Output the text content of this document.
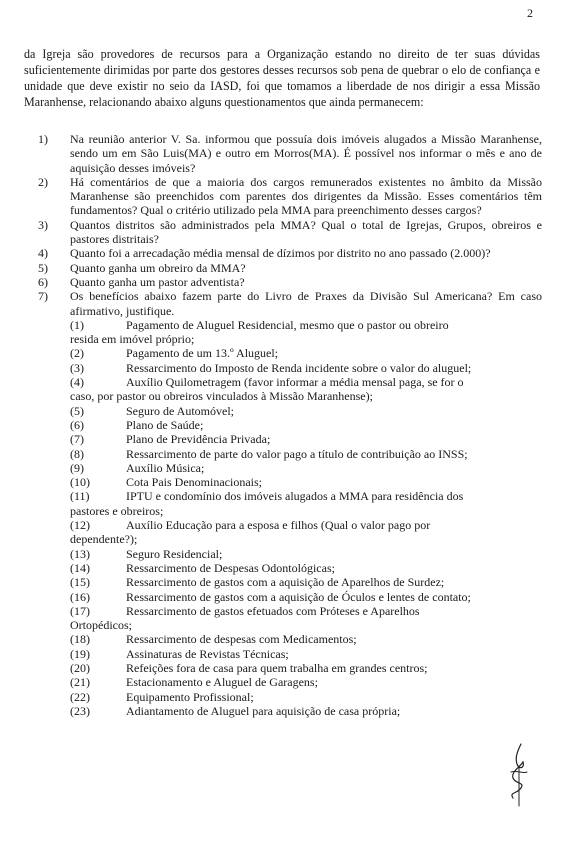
2
da Igreja são provedores de recursos para a Organização estando no direito de ter suas dúvidas suficientemente dirimidas por parte dos gestores desses recursos sob pena de quebrar o elo de confiança e unidade que deve existir no seio da IASD, foi que tomamos a liberdade de nos dirigir a essa Missão Maranhense, relacionando abaixo alguns questionamentos que ainda permanecem:
1) Na reunião anterior V. Sa. informou que possuía dois imóveis alugados a Missão Maranhense, sendo um em São Luis(MA) e outro em Morros(MA). É possível nos informar o mês e ano de aquisição desses imóveis?
2) Há comentários de que a maioria dos cargos remunerados existentes no âmbito da Missão Maranhense são preenchidos com parentes dos dirigentes da Missão. Esses comentários têm fundamentos? Qual o critério utilizado pela MMA para preenchimento desses cargos?
3) Quantos distritos são administrados pela MMA? Qual o total de Igrejas, Grupos, obreiros e pastores distritais?
4) Quanto foi a arrecadação média mensal de dízimos por distrito no ano passado (2.000)?
5) Quanto ganha um obreiro da MMA?
6) Quanto ganha um pastor adventista?
7) Os benefícios abaixo fazem parte do Livro de Praxes da Divisão Sul Americana? Em caso afirmativo, justifique.
(1)	Pagamento de Aluguel Residencial, mesmo que o pastor ou obreiro
resida em imóvel próprio;
(2)	Pagamento de um 13.º Aluguel;
(3)	Ressarcimento do Imposto de Renda incidente sobre o valor do aluguel;
(4)	Auxílio Quilometragem (favor informar a média mensal paga, se for o
caso, por pastor ou obreiros vinculados à Missão Maranhense);
(5)	Seguro de Automóvel;
(6)	Plano de Saúde;
(7)	Plano de Previdência Privada;
(8)	Ressarcimento de parte do valor pago a título de contribuição ao INSS;
(9)	Auxílio Música;
(10)	Cota Pais Denominacionais;
(11)	IPTU e condomínio dos imóveis alugados a MMA para residência dos
pastores e obreiros;
(12)	Auxílio Educação para a esposa e filhos (Qual o valor pago por
dependente?);
(13)	Seguro Residencial;
(14)	Ressarcimento de Despesas Odontológicas;
(15)	Ressarcimento de gastos com a aquisição de Aparelhos de Surdez;
(16)	Ressarcimento de gastos com a aquisição de Óculos e lentes de contato;
(17)	Ressarcimento de gastos efetuados com Próteses e Aparelhos
Ortopédicos;
(18)	Ressarcimento de despesas com Medicamentos;
(19)	Assinaturas de Revistas Técnicas;
(20)	Refeições fora de casa para quem trabalha em grandes centros;
(21)	Estacionamento e Aluguel de Garagens;
(22)	Equipamento Profissional;
(23)	Adiantamento de Aluguel para aquisição de casa própria;
